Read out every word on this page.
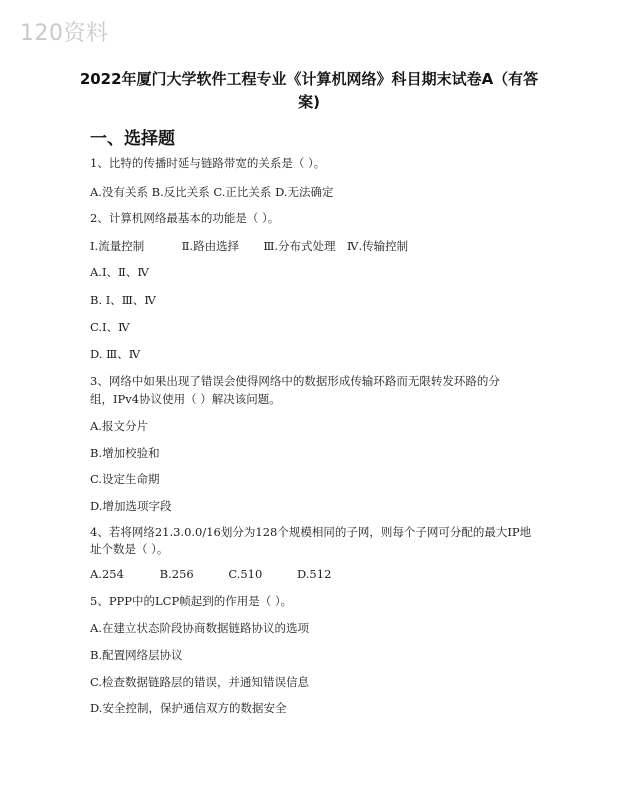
120资料
2022年厦门大学软件工程专业《计算机网络》科目期末试卷A（有答
案)
一、选择题
1、比特的传播时延与链路带宽的关系是（ ）。
A.没有关系 B.反比关系 C.正比关系 D.无法确定
2、计算机网络最基本的功能是（ ）。
I.流量控制	Ⅱ.路由选择 Ⅲ.分布式处理 Ⅳ.传输控制
A.I、Ⅱ、Ⅳ
B. I、Ⅲ、Ⅳ
C.I、Ⅳ
D. Ⅲ、Ⅳ
3、网络中如果出现了错误会使得网络中的数据形成传输环路而无限转发环路的分
组，IPv4协议使用（ ）解决该问题。
A.报文分片
B.增加校验和
C.设定生命期
D.增加选项字段
4、若将网络21.3.0.0/16划分为128个规模相同的子网，则每个子网可分配的最大IP地
址个数是（ ）。
A.254	B.256	C.510	D.512
5、PPP中的LCP帧起到的作用是（ ）。
A.在建立状态阶段协商数据链路协议的选项
B.配置网络层协议
C.检查数据链路层的错误，并通知错误信息
D.安全控制，保护通信双方的数据安全
